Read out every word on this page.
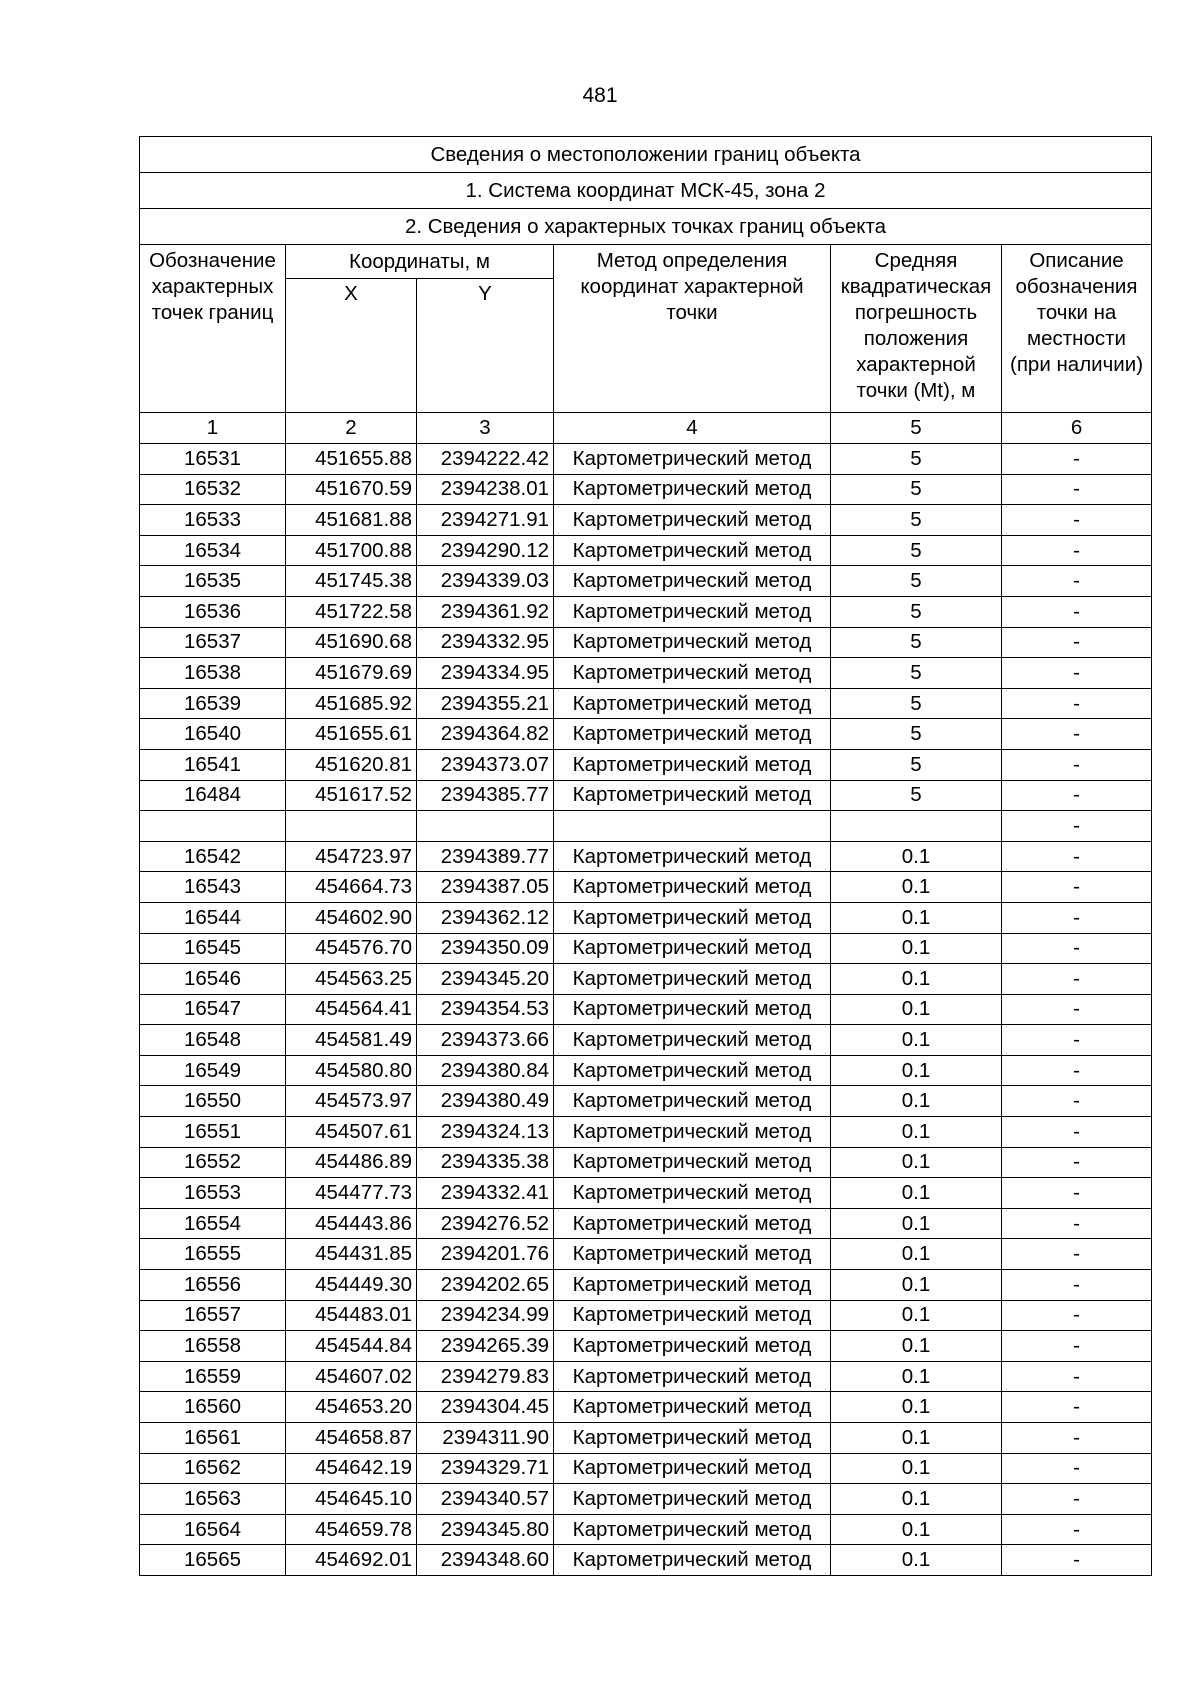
481
Сведения о местоположении границ объекта					
1. Система координат МСК-45, зона 2					
2. Сведения о характерных точках границ объекта					
Обозначение характерных точек границ	Координаты, м		Метод определения координат характерной точки	Средняя квадратическая погрешность положения характерной точки (Mt), м	Описание обозначения точки на местности (при наличии)
	X	Y			
1	2	3	4	5	6
16531	451655.88	2394222.42	Картометрический метод	5	-
16532	451670.59	2394238.01	Картометрический метод	5	-
16533	451681.88	2394271.91	Картометрический метод	5	-
16534	451700.88	2394290.12	Картометрический метод	5	-
16535	451745.38	2394339.03	Картометрический метод	5	-
16536	451722.58	2394361.92	Картометрический метод	5	-
16537	451690.68	2394332.95	Картометрический метод	5	-
16538	451679.69	2394334.95	Картометрический метод	5	-
16539	451685.92	2394355.21	Картометрический метод	5	-
16540	451655.61	2394364.82	Картометрический метод	5	-
16541	451620.81	2394373.07	Картометрический метод	5	-
16484	451617.52	2394385.77	Картометрический метод	5	-
					-
16542	454723.97	2394389.77	Картометрический метод	0.1	-
16543	454664.73	2394387.05	Картометрический метод	0.1	-
16544	454602.90	2394362.12	Картометрический метод	0.1	-
16545	454576.70	2394350.09	Картометрический метод	0.1	-
16546	454563.25	2394345.20	Картометрический метод	0.1	-
16547	454564.41	2394354.53	Картометрический метод	0.1	-
16548	454581.49	2394373.66	Картометрический метод	0.1	-
16549	454580.80	2394380.84	Картометрический метод	0.1	-
16550	454573.97	2394380.49	Картометрический метод	0.1	-
16551	454507.61	2394324.13	Картометрический метод	0.1	-
16552	454486.89	2394335.38	Картометрический метод	0.1	-
16553	454477.73	2394332.41	Картометрический метод	0.1	-
16554	454443.86	2394276.52	Картометрический метод	0.1	-
16555	454431.85	2394201.76	Картометрический метод	0.1	-
16556	454449.30	2394202.65	Картометрический метод	0.1	-
16557	454483.01	2394234.99	Картометрический метод	0.1	-
16558	454544.84	2394265.39	Картометрический метод	0.1	-
16559	454607.02	2394279.83	Картометрический метод	0.1	-
16560	454653.20	2394304.45	Картометрический метод	0.1	-
16561	454658.87	2394311.90	Картометрический метод	0.1	-
16562	454642.19	2394329.71	Картометрический метод	0.1	-
16563	454645.10	2394340.57	Картометрический метод	0.1	-
16564	454659.78	2394345.80	Картометрический метод	0.1	-
16565	454692.01	2394348.60	Картометрический метод	0.1	-
